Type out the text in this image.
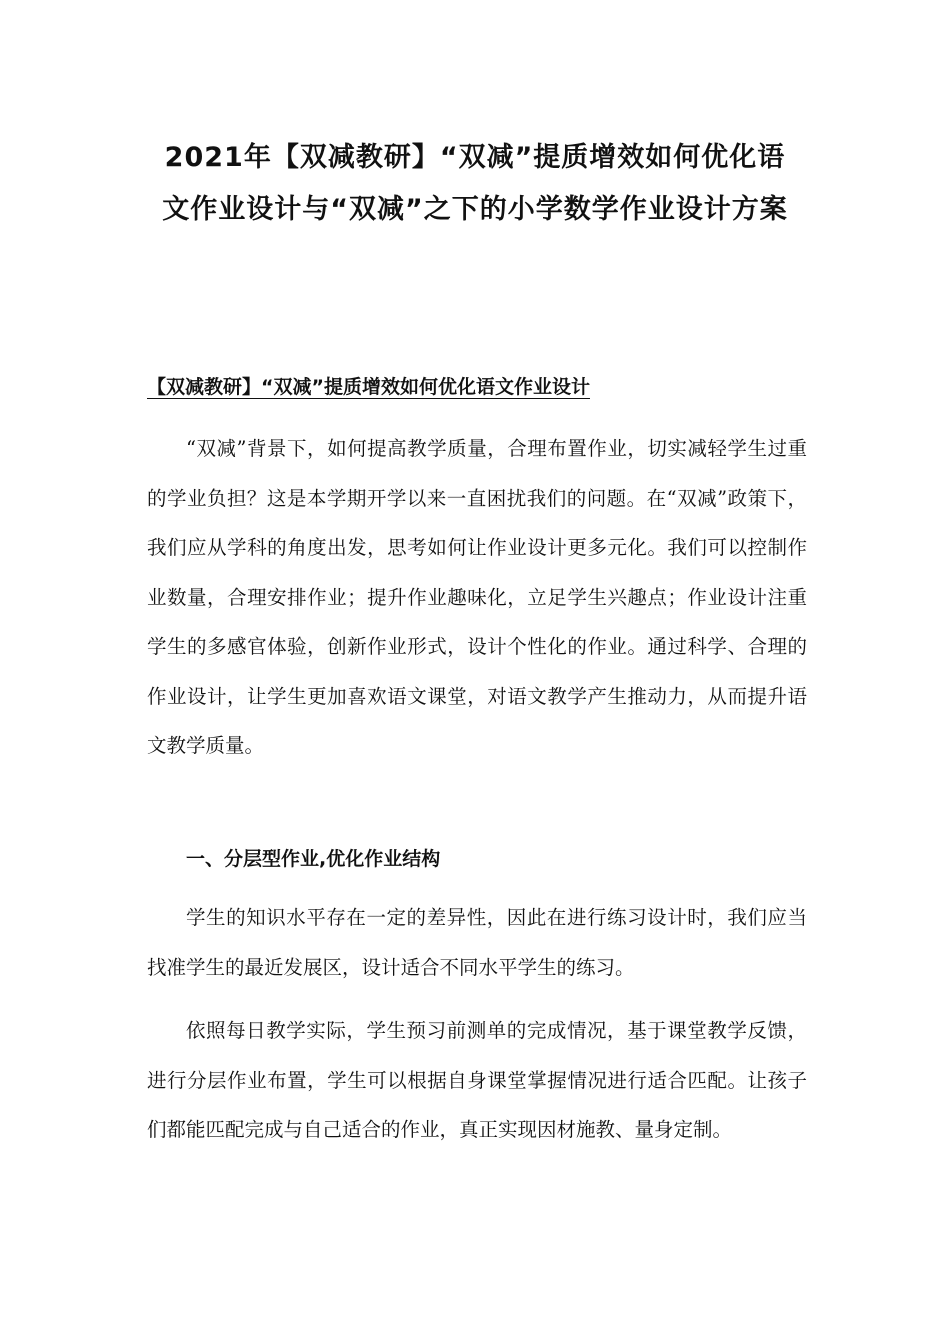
2021年【双减教研】“双减”提质增效如何优化语
文作业设计与“双减”之下的小学数学作业设计方案
【双减教研】“双减”提质增效如何优化语文作业设计

“双减”背景下，如何提高教学质量，合理布置作业，切实减轻学生过重的学业负担？这是本学期开学以来一直困扰我们的问题。在“双减”政策下，我们应从学科的角度出发，思考如何让作业设计更多元化。我们可以控制作业数量，合理安排作业；提升作业趣味化，立足学生兴趣点；作业设计注重学生的多感官体验，创新作业形式，设计个性化的作业。通过科学、合理的作业设计，让学生更加喜欢语文课堂，对语文教学产生推动力，从而提升语文教学质量。

一、分层型作业,优化作业结构

学生的知识水平存在一定的差异性，因此在进行练习设计时，我们应当找准学生的最近发展区，设计适合不同水平学生的练习。

依照每日教学实际，学生预习前测单的完成情况，基于课堂教学反馈，进行分层作业布置，学生可以根据自身课堂掌握情况进行适合匹配。让孩子们都能匹配完成与自己适合的作业，真正实现因材施教、量身定制。
